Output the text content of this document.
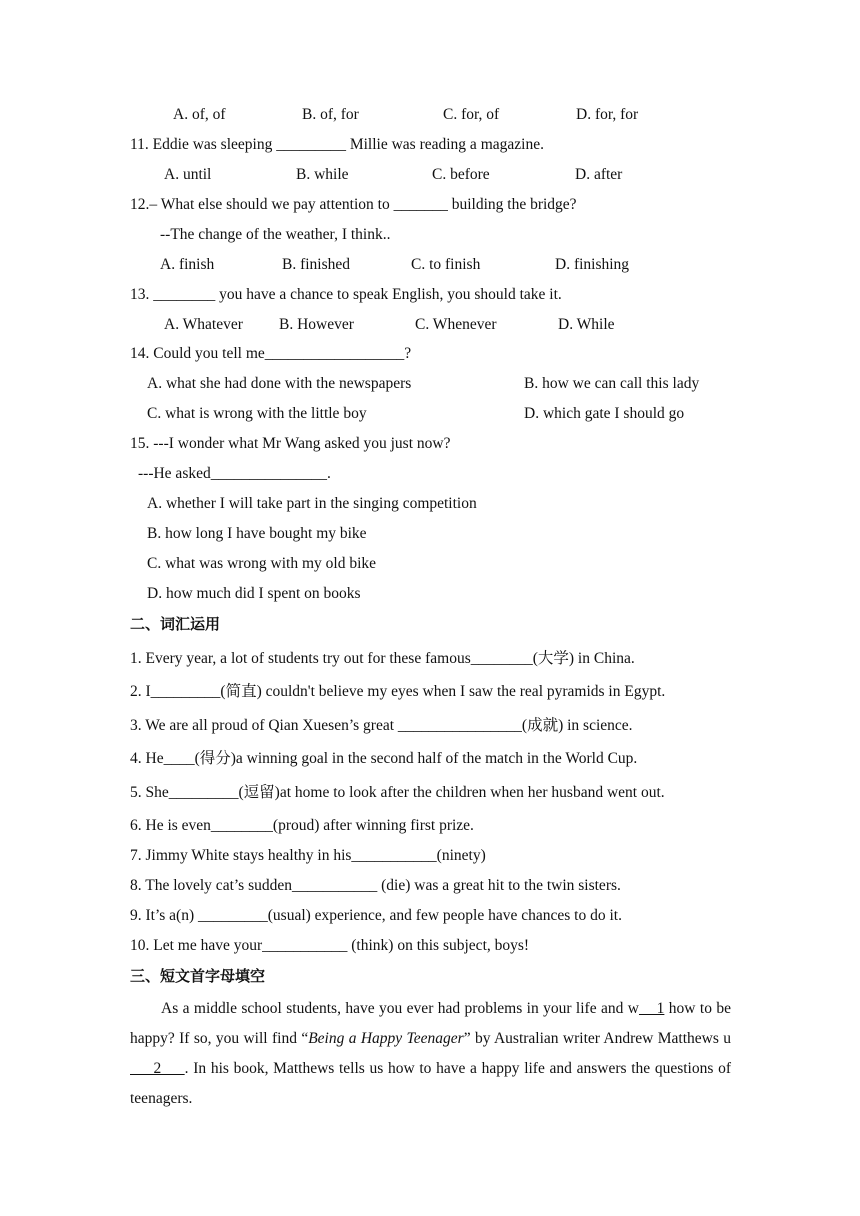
A. of, of	B. of, for	C. for, of	D. for, for
11. Eddie was sleeping _________ Millie was reading a magazine.
A. until	B. while	C. before	D. after
12.– What else should we pay attention to _______ building the bridge?
--The change of the weather, I think..
A. finish	B. finished	C. to finish	D. finishing
13. ________ you have a chance to speak English, you should take it.
A. Whatever B. However	C. Whenever	D. While
14. Could you tell me__________________?
A. what she had done with the newspapers	B. how we can call this lady
C. what is wrong with the little boy	D. which gate I should go
15. ---I wonder what Mr Wang asked you just now?
---He asked_______________.
A. whether I will take part in the singing competition
B. how long I have bought my bike
C. what was wrong with my old bike
D. how much did I spent on books
二、词汇运用
1. Every year, a lot of students try out for these famous________(大学) in China.
2. I_________(简直) couldn't believe my eyes when I saw the real pyramids in Egypt.
3. We are all proud of Qian Xuesen’s great ________________(成就) in science.
4. He____(得分)a winning goal in the second half of the match in the World Cup.
5. She_________(逗留)at home to look after the children when her husband went out.
6. He is even________(proud) after winning first prize.
7. Jimmy White stays healthy in his___________(ninety)
8. The lovely cat’s sudden___________ (die) was a great hit to the twin sisters.
9. It’s a(n) _________(usual) experience, and few people have chances to do it.
10. Let me have your___________ (think) on this subject, boys!
三、短文首字母填空

As a middle school students, have you ever had problems in your life and w    1 how to be happy? If so, you will find “Being a Happy Teenager” by Australian writer Andrew Matthews u     2     . In his book, Matthews tells us how to have a happy life and answers the questions of teenagers.
